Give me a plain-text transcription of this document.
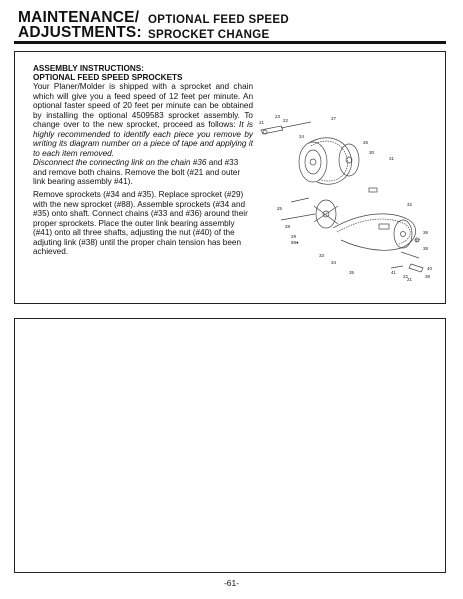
MAINTENANCE/
ADJUSTMENTS:
OPTIONAL FEED SPEED
SPROCKET CHANGE
ASSEMBLY INSTRUCTIONS:
OPTIONAL FEED SPEED SPROCKETS

Your Planer/Molder is shipped with a sprocket and chain which will give you a feed speed of 12 feet per minute. An optional faster speed of 20 feet per minute can be obtained by installing the optional 4509583 sprocket assembly. To change over to the new sprocket, proceed as follows: It is highly recommended to identify each piece you remove by writing its diagram number on a piece of tape and applying it to each item removed.

Disconnect the connecting link on the chain #36 and #33 and remove both chains. Remove the bolt (#21 and outer link bearing assembly #41).

Remove sprockets (#34 and #35). Replace sprocket (#29) with the new sprocket (#88). Assemble sprockets (#34 and #35) onto shaft. Connect chains (#33 and #36) around their proper sprockets. Place the outer link bearing assembly (#41) onto all three shafts, adjusting the nut (#40) of the adjuting link (#38) until the proper chain tension has been achieved.

21
23
22
24
27
26
30
31
25
32
28
29
88●
33
36
37
34
38
35
39
40
41
22
21
-61-
